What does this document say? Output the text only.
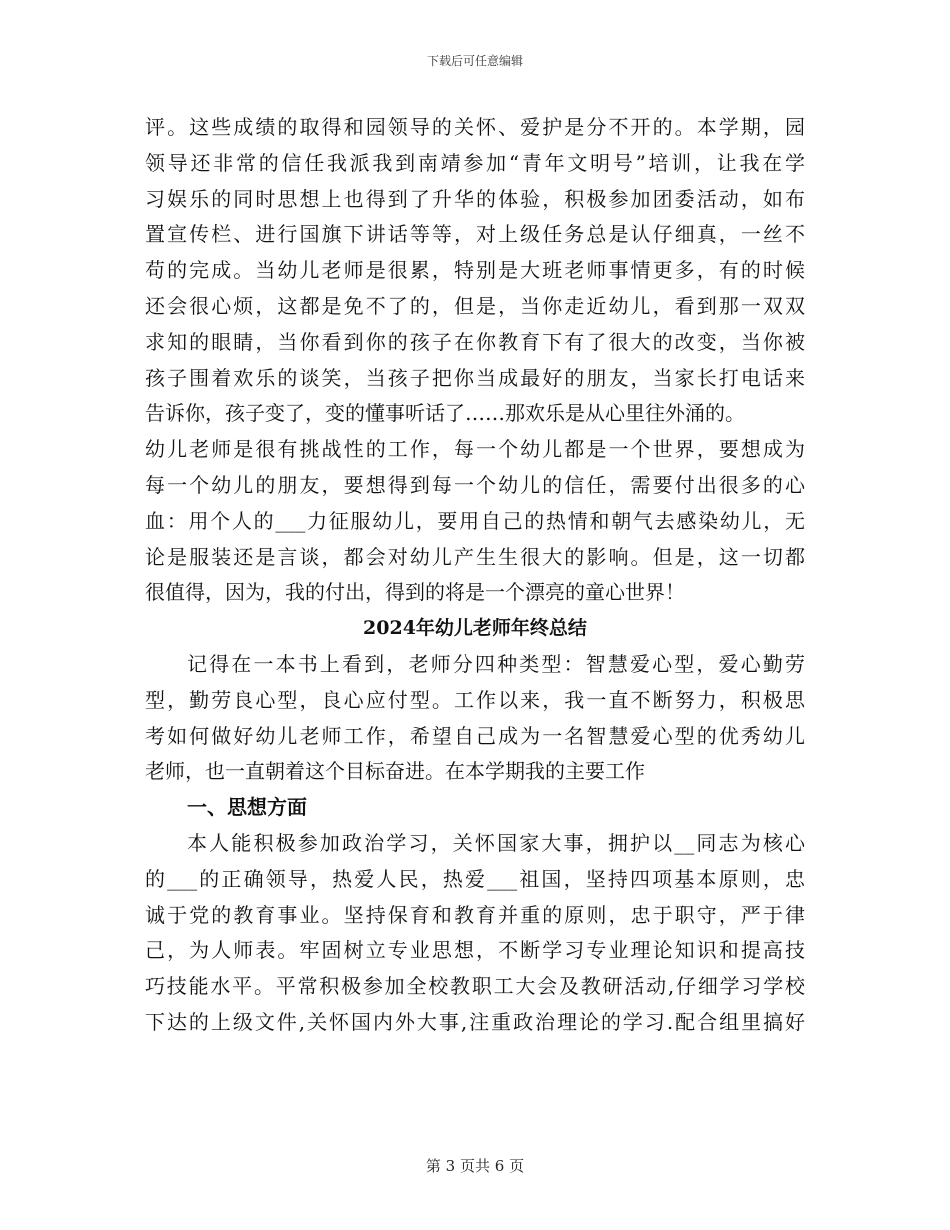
下载后可任意编辑
评。这些成绩的取得和园领导的关怀、爱护是分不开的。本学期，园
领导还非常的信任我派我到南靖参加“青年文明号”培训，让我在学
习娱乐的同时思想上也得到了升华的体验，积极参加团委活动，如布
置宣传栏、进行国旗下讲话等等，对上级任务总是认仔细真，一丝不
苟的完成。当幼儿老师是很累，特别是大班老师事情更多，有的时候
还会很心烦，这都是免不了的，但是，当你走近幼儿，看到那一双双
求知的眼睛，当你看到你的孩子在你教育下有了很大的改变，当你被
孩子围着欢乐的谈笑，当孩子把你当成最好的朋友，当家长打电话来
告诉你，孩子变了，变的懂事听话了……那欢乐是从心里往外涌的。
幼儿老师是很有挑战性的工作，每一个幼儿都是一个世界，要想成为
每一个幼儿的朋友，要想得到每一个幼儿的信任，需要付出很多的心
血：用个人的___力征服幼儿，要用自己的热情和朝气去感染幼儿，无
论是服装还是言谈，都会对幼儿产生生很大的影响。但是，这一切都
很值得，因为，我的付出，得到的将是一个漂亮的童心世界！
2024年幼儿老师年终总结
记得在一本书上看到，老师分四种类型：智慧爱心型，爱心勤劳
型，勤劳良心型，良心应付型。工作以来，我一直不断努力，积极思
考如何做好幼儿老师工作，希望自己成为一名智慧爱心型的优秀幼儿
老师，也一直朝着这个目标奋进。在本学期我的主要工作
一、思想方面
本人能积极参加政治学习，关怀国家大事，拥护以__同志为核心
的___的正确领导，热爱人民，热爱___祖国，坚持四项基本原则，忠
诚于党的教育事业。坚持保育和教育并重的原则，忠于职守，严于律
己，为人师表。牢固树立专业思想，不断学习专业理论知识和提高技
巧技能水平。平常积极参加全校教职工大会及教研活动,仔细学习学校
下达的上级文件,关怀国内外大事,注重政治理论的学习.配合组里搞好
第 3 页共 6 页
